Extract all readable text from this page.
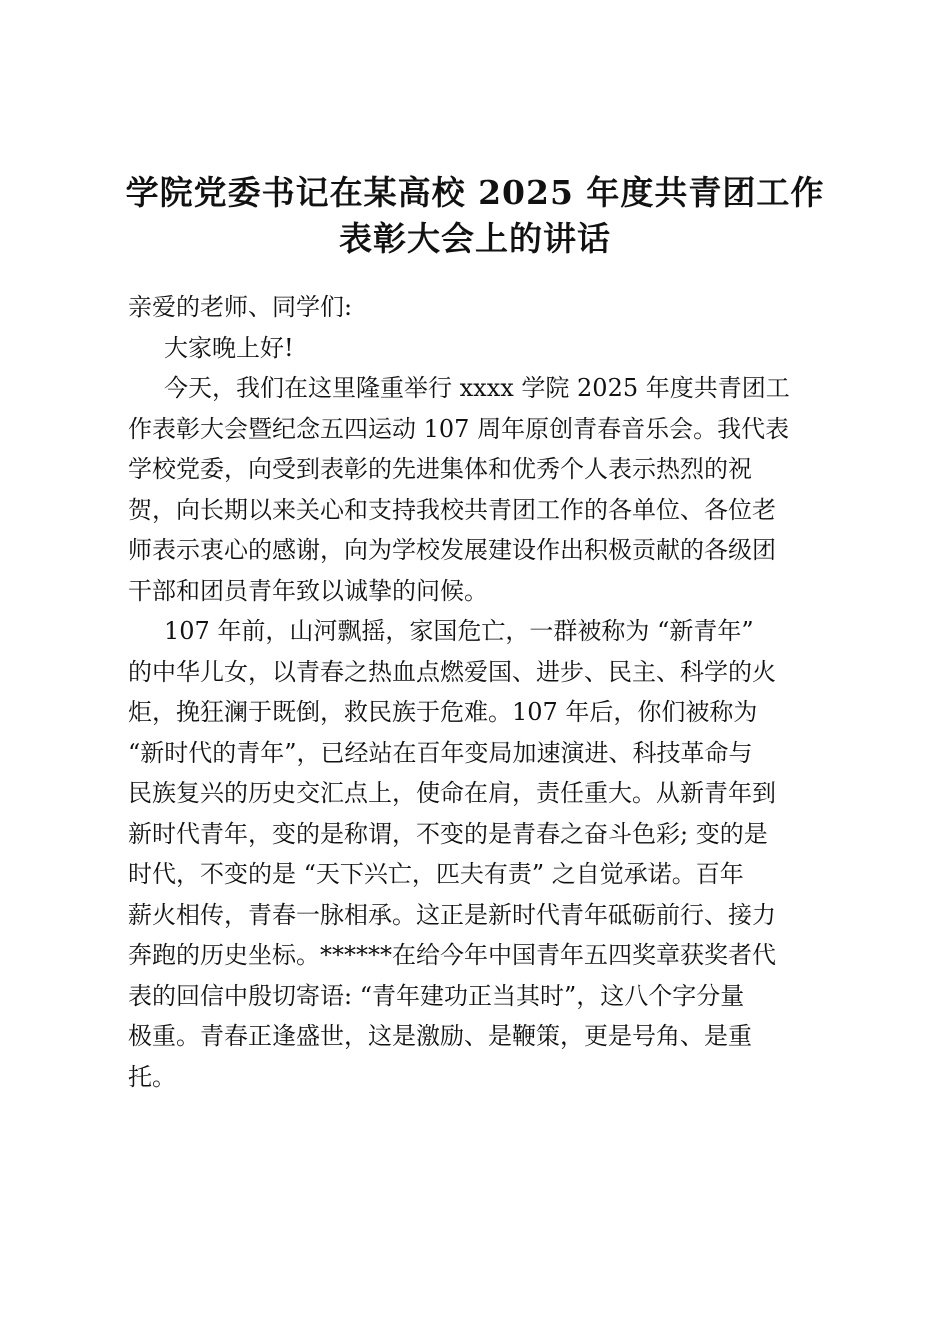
学院党委书记在某高校 2025 年度共青团工作
表彰大会上的讲话
亲爱的老师、同学们:
大家晚上好!
今天，我们在这里隆重举行 xxxx 学院 2025 年度共青团工
作表彰大会暨纪念五四运动 107 周年原创青春音乐会。我代表
学校党委，向受到表彰的先进集体和优秀个人表示热烈的祝
贺，向长期以来关心和支持我校共青团工作的各单位、各位老
师表示衷心的感谢，向为学校发展建设作出积极贡献的各级团
干部和团员青年致以诚挚的问候。
107 年前，山河飘摇，家国危亡，一群被称为 “新青年”
的中华儿女，以青春之热血点燃爱国、进步、民主、科学的火
炬，挽狂澜于既倒，救民族于危难。107 年后，你们被称为
“新时代的青年”，已经站在百年变局加速演进、科技革命与
民族复兴的历史交汇点上，使命在肩，责任重大。从新青年到
新时代青年，变的是称谓，不变的是青春之奋斗色彩; 变的是
时代，不变的是 “天下兴亡，匹夫有责” 之自觉承诺。百年
薪火相传，青春一脉相承。这正是新时代青年砥砺前行、接力
奔跑的历史坐标。******在给今年中国青年五四奖章获奖者代
表的回信中殷切寄语: “青年建功正当其时”，这八个字分量
极重。青春正逢盛世，这是激励、是鞭策，更是号角、是重
托。
